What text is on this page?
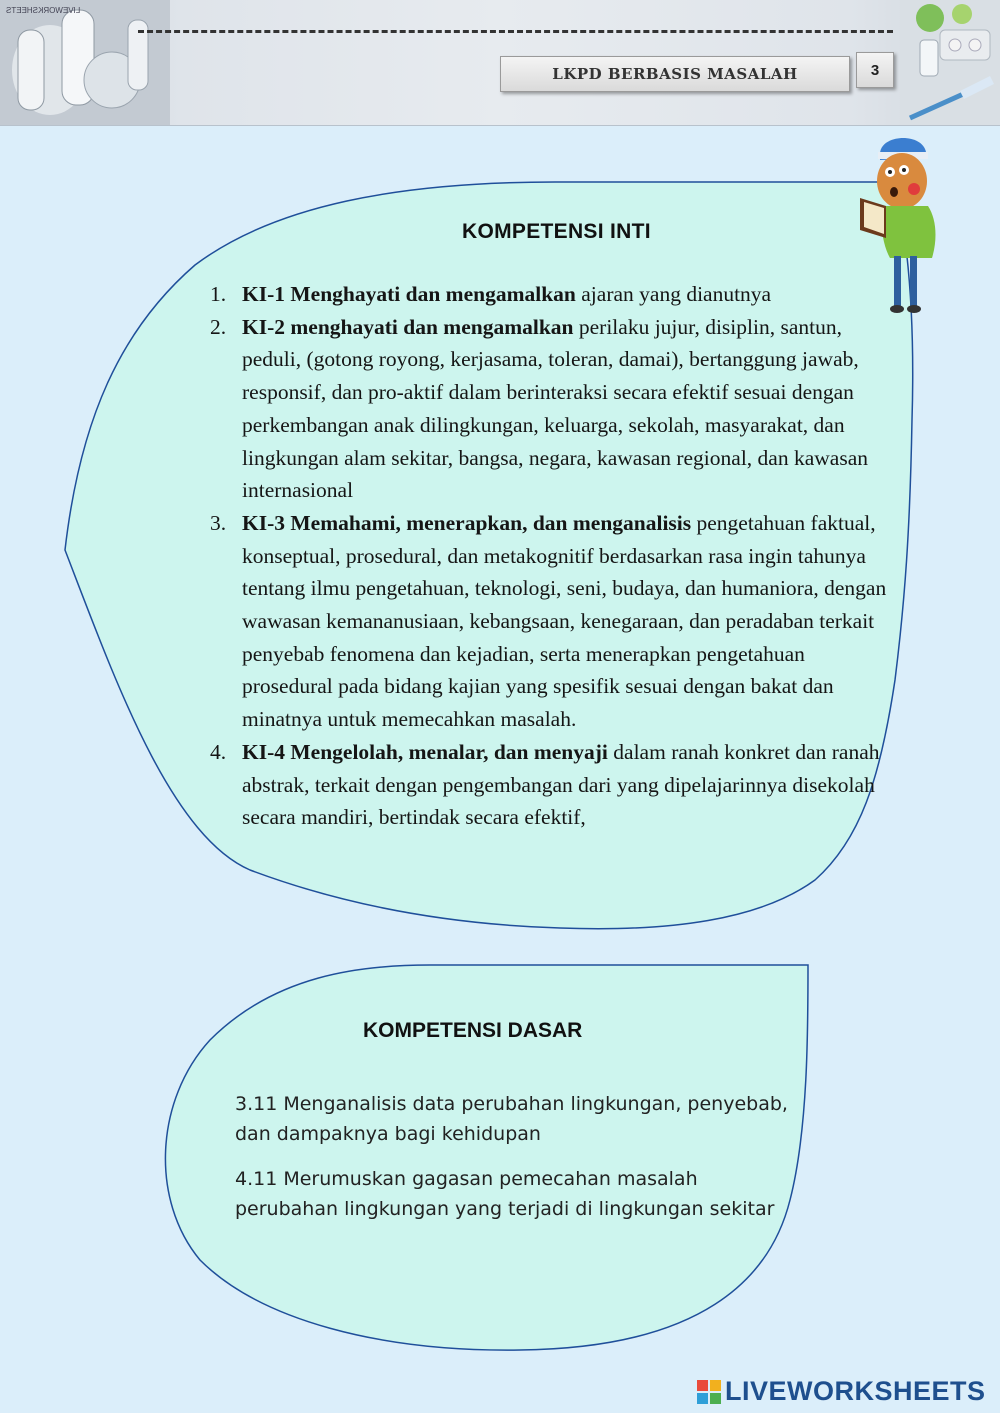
LIVEWORKSHEETS
LKPD BERBASIS MASALAH	3
KOMPETENSI INTI
1. KI-1 Menghayati dan mengamalkan ajaran yang dianutnya
2. KI-2 menghayati dan mengamalkan perilaku jujur, disiplin, santun, peduli, (gotong royong, kerjasama, toleran, damai), bertanggung jawab, responsif, dan pro-aktif dalam berinteraksi secara efektif sesuai dengan perkembangan anak dilingkungan, keluarga, sekolah, masyarakat, dan lingkungan alam sekitar, bangsa, negara, kawasan regional, dan kawasan internasional
3. KI-3 Memahami, menerapkan, dan menganalisis pengetahuan faktual, konseptual, prosedural, dan metakognitif berdasarkan rasa ingin tahunya tentang ilmu pengetahuan, teknologi, seni, budaya, dan humaniora, dengan wawasan kemananusiaan, kebangsaan, kenegaraan, dan peradaban terkait penyebab fenomena dan kejadian, serta menerapkan pengetahuan prosedural pada bidang kajian yang spesifik sesuai dengan bakat dan minatnya untuk memecahkan masalah.
4. KI-4 Mengelolah, menalar, dan menyaji dalam ranah konkret dan ranah abstrak, terkait dengan pengembangan dari yang dipelajarinnya disekolah secara mandiri, bertindak secara efektif,
KOMPETENSI DASAR
3.11 Menganalisis data perubahan lingkungan, penyebab, dan dampaknya bagi kehidupan
4.11 Merumuskan gagasan pemecahan masalah perubahan lingkungan yang terjadi di lingkungan sekitar
LIVEWORKSHEETS
